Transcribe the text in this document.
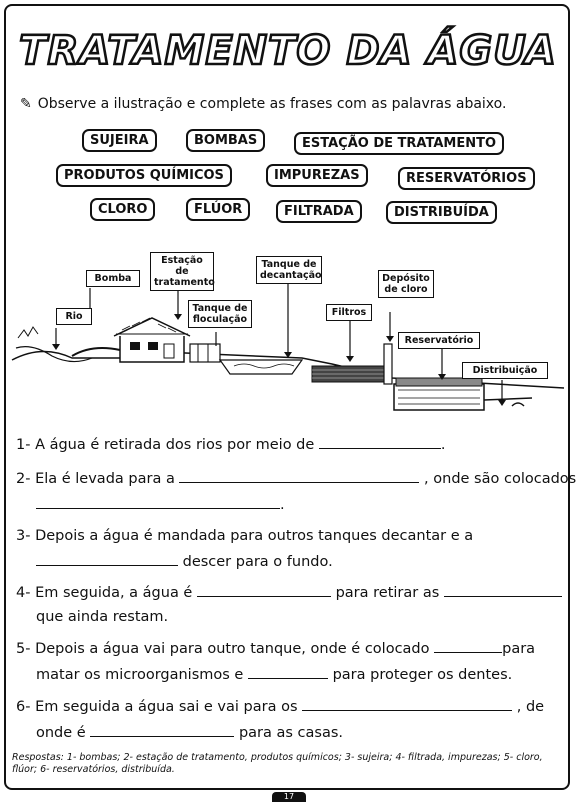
TRATAMENTO DA ÁGUA
✎ Observe a ilustração e complete as frases com as palavras abaixo.
SUJEIRA	BOMBAS	ESTAÇÃO DE TRATAMENTO
PRODUTOS QUÍMICOS	IMPUREZAS	RESERVATÓRIOS
CLORO	FLÚOR	FILTRADA	DISTRIBUÍDA
Rio
Bomba
Estação de tratamento
Tanque de floculação
Tanque de decantação
Filtros
Depósito de cloro
Reservatório
Distribuição
1- A água é retirada dos rios por meio de	.
2- Ela é levada para a	, onde são colocados
.
3- Depois a água é mandada para outros tanques decantar e a
descer para o fundo.
4- Em seguida, a água é	para retirar as
que ainda restam.
5- Depois a água vai para outro tanque, onde é colocado	para
matar os microorganismos e	para proteger os dentes.
6- Em seguida a água sai e vai para os	, de
onde é	para as casas.
Respostas: 1- bombas; 2- estação de tratamento, produtos químicos; 3- sujeira; 4- filtrada, impurezas; 5- cloro, flúor; 6- reservatórios, distribuída.
17
